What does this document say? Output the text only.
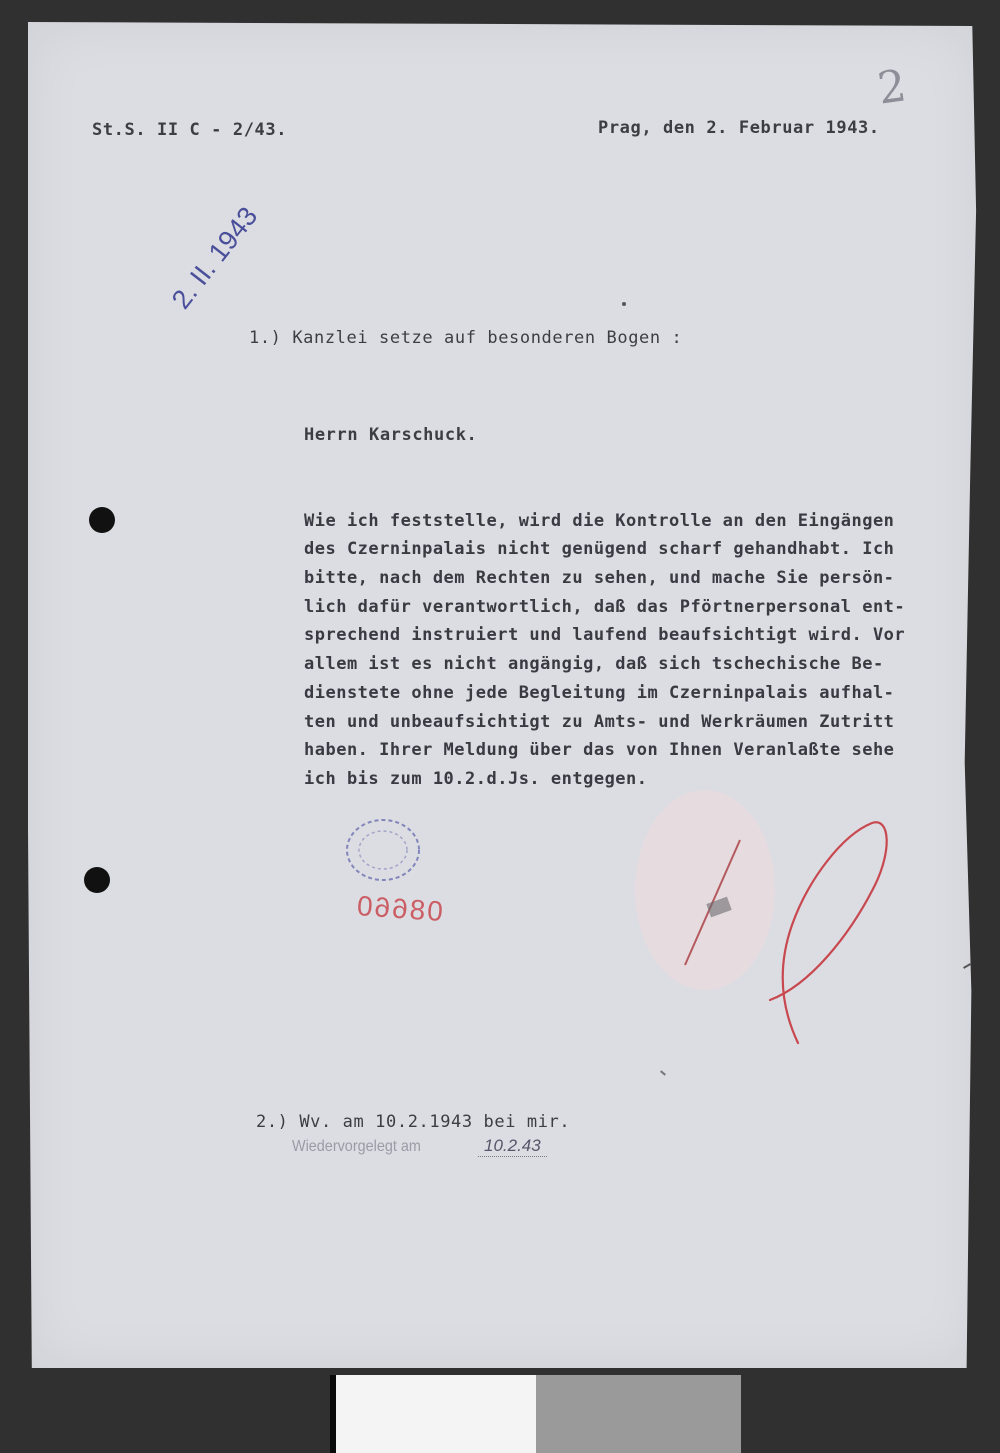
St.S. II C - 2/43.	Prag, den 2. Februar 1943.
2
2. II. 1943
1.) Kanzlei setze auf besonderen Bogen :
Herrn Karschuck.
Wie ich feststelle, wird die Kontrolle an den Eingängen
des Czerninpalais nicht genügend scharf gehandhabt. Ich
bitte, nach dem Rechten zu sehen, und mache Sie persön-
lich dafür verantwortlich, daß das Pförtnerpersonal ent-
sprechend instruiert und laufend beaufsichtigt wird. Vor
allem ist es nicht angängig, daß sich tschechische Be-
dienstete ohne jede Begleitung im Czerninpalais aufhal-
ten und unbeaufsichtigt zu Amts- und Werkräumen Zutritt
haben. Ihrer Meldung über das von Ihnen Veranlaßte sehe
ich bis zum 10.2.d.Js. entgegen.
08660
2.) Wv. am 10.2.1943 bei mir.
Wiedervorgelegt am	10.2.43
